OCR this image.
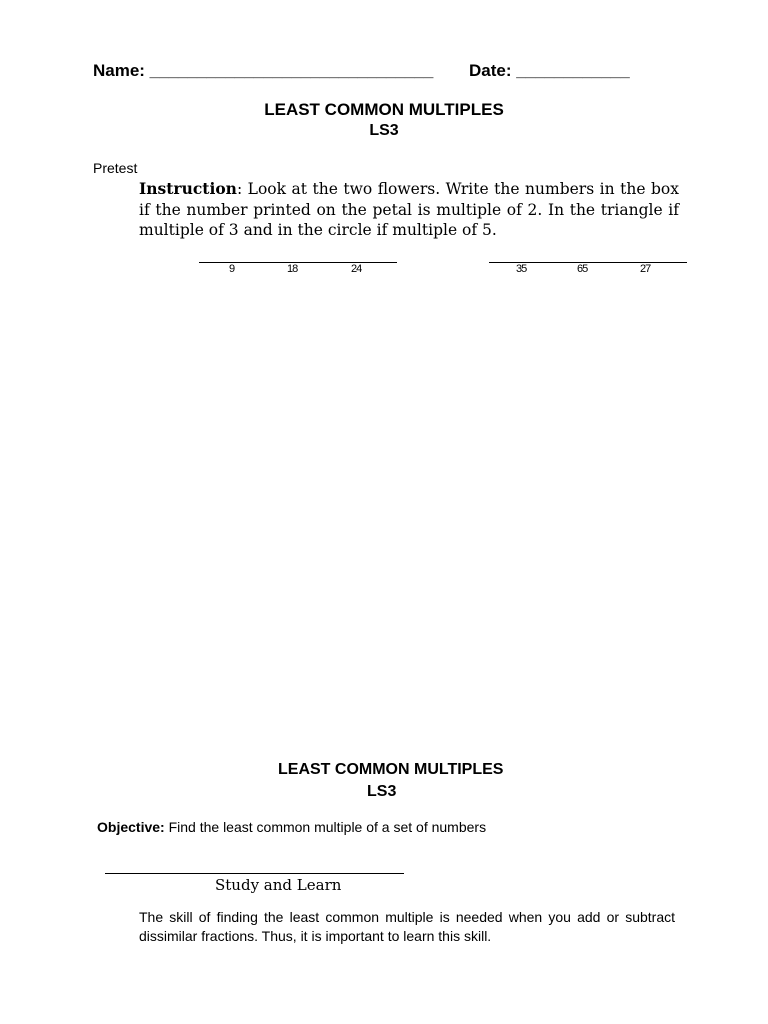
Name: ______________________________ Date: ____________
LEAST COMMON MULTIPLES
LS3
Pretest
Instruction: Look at the two flowers. Write the numbers in the box if the number printed on the petal is multiple of 2. In the triangle if multiple of 3 and in the circle if multiple of 5.
9	18	24	35	65	27
LEAST COMMON MULTIPLES
LS3
Objective: Find the least common multiple of a set of numbers
Study and Learn
The skill of finding the least common multiple is needed when you add or subtract dissimilar fractions. Thus, it is important to learn this skill.
